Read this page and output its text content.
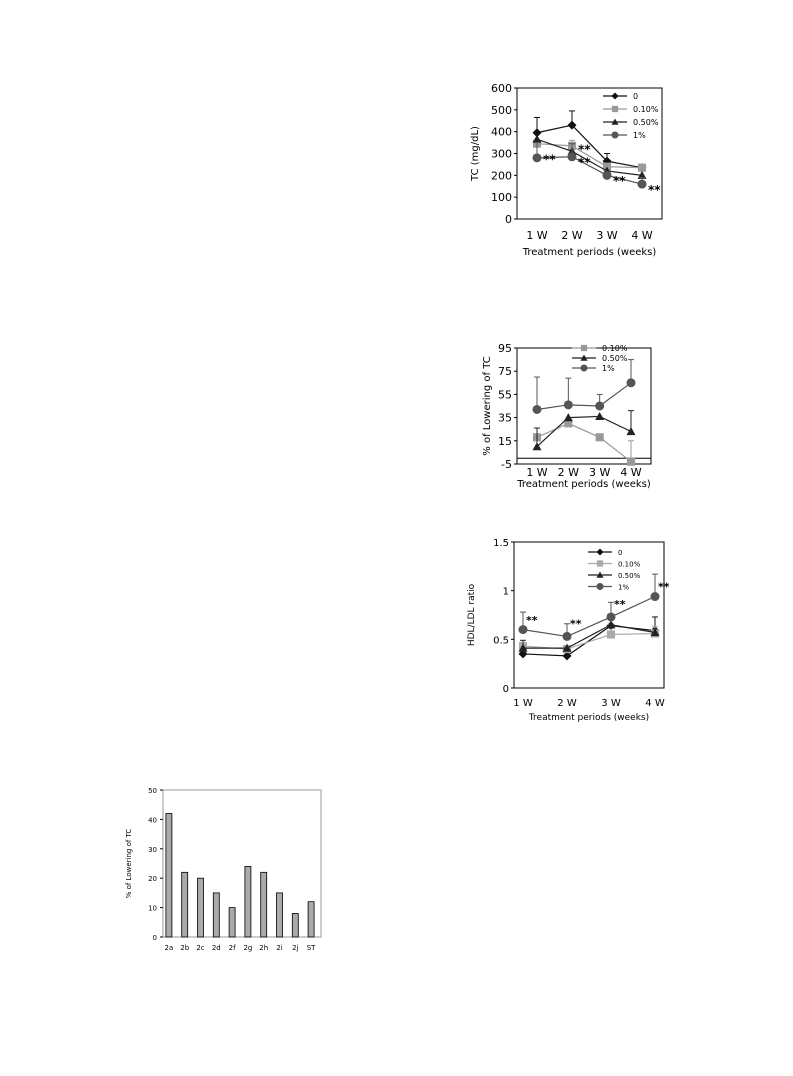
0
100
200
300
400
500
600
1 W 2 W 3 W 4 W
Treatment periods (weeks)
TC (mg/dL)	**
**
**
**
**
0
0.10%
0.50%
1%
-5
15
35
55
75
95
1 W 2 W 3 W 4 W
Treatment periods (weeks)
% of Lowering of TC
0.10%
0.50%
1%
0
0.5
1
1.5
1 W 2 W 3 W 4 W
Treatment periods (weeks)
HDL/LDL ratio	**	**
**
**
0
0.10%
0.50%
1%
0
10
20
30
40
50
2a 2b 2c 2d 2f 2g 2h 2i 2j ST
% of Lowering of TC
